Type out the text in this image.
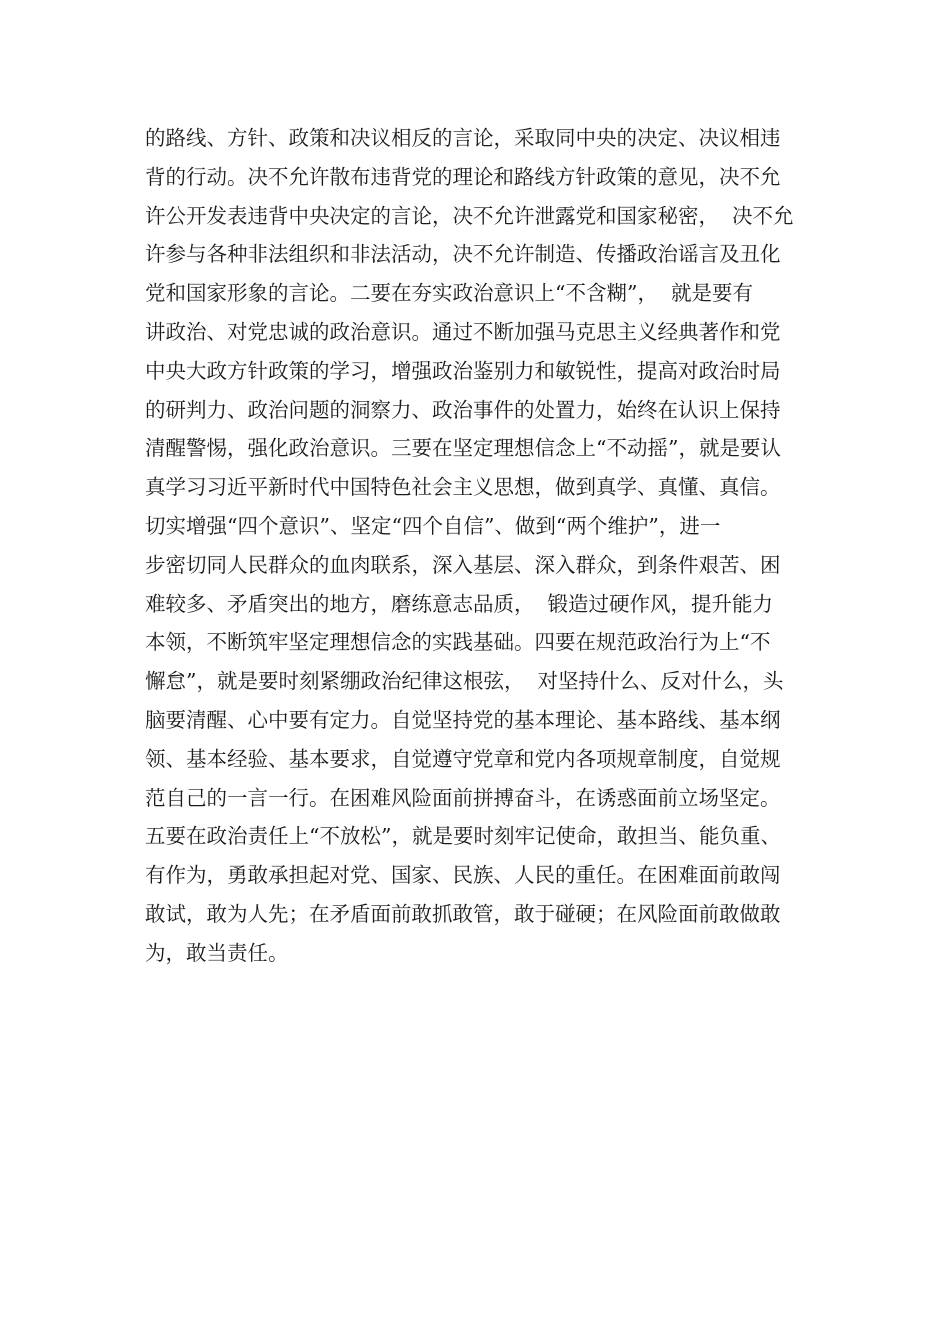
的路线、方针、政策和决议相反的言论，采取同中央的决定、决议相违
背的行动。决不允许散布违背党的理论和路线方针政策的意见，决不允
许公开发表违背中央决定的言论，决不允许泄露党和国家秘密，  决不允
许参与各种非法组织和非法活动，决不允许制造、传播政治谣言及丑化
党和国家形象的言论。二要在夯实政治意识上“不含糊”，  就是要有
讲政治、对党忠诚的政治意识。通过不断加强马克思主义经典著作和党
中央大政方针政策的学习，增强政治鉴别力和敏锐性，提高对政治时局
的研判力、政治问题的洞察力、政治事件的处置力，始终在认识上保持
清醒警惕，强化政治意识。三要在坚定理想信念上“不动摇”，就是要认
真学习习近平新时代中国特色社会主义思想，做到真学、真懂、真信。
切实增强“四个意识”、坚定“四个自信”、做到“两个维护”，进一
步密切同人民群众的血肉联系，深入基层、深入群众，到条件艰苦、困
难较多、矛盾突出的地方，磨练意志品质，  锻造过硬作风，提升能力
本领，不断筑牢坚定理想信念的实践基础。四要在规范政治行为上“不
懈怠”，就是要时刻紧绷政治纪律这根弦，  对坚持什么、反对什么，头
脑要清醒、心中要有定力。自觉坚持党的基本理论、基本路线、基本纲
领、基本经验、基本要求，自觉遵守党章和党内各项规章制度，自觉规
范自己的一言一行。在困难风险面前拼搏奋斗，在诱惑面前立场坚定。
五要在政治责任上“不放松”，就是要时刻牢记使命，敢担当、能负重、
有作为，勇敢承担起对党、国家、民族、人民的重任。在困难面前敢闯
敢试，敢为人先；在矛盾面前敢抓敢管，敢于碰硬；在风险面前敢做敢
为，敢当责任。
